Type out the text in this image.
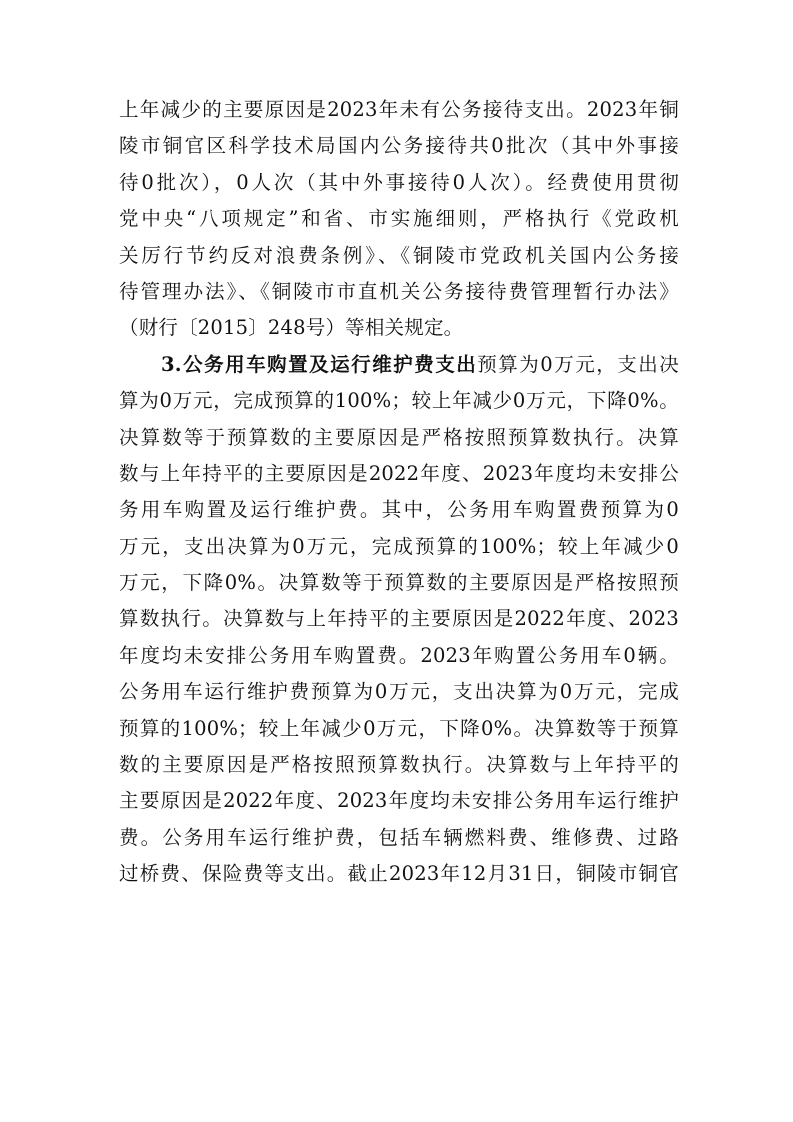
上年减少的主要原因是2023年未有公务接待支出。2023年铜
陵市铜官区科学技术局国内公务接待共0批次（其中外事接
待0批次），0人次（其中外事接待0人次）。经费使用贯彻
党中央“八项规定”和省、市实施细则，严格执行《党政机
关厉行节约反对浪费条例》、《铜陵市党政机关国内公务接
待管理办法》、《铜陵市市直机关公务接待费管理暂行办法》
（财行〔2015〕248号）等相关规定。
3.公务用车购置及运行维护费支出预算为0万元，支出决
算为0万元，完成预算的100%；较上年减少0万元，下降0%。
决算数等于预算数的主要原因是严格按照预算数执行。决算
数与上年持平的主要原因是2022年度、2023年度均未安排公
务用车购置及运行维护费。其中，公务用车购置费预算为0
万元，支出决算为0万元，完成预算的100%；较上年减少0
万元，下降0%。决算数等于预算数的主要原因是严格按照预
算数执行。决算数与上年持平的主要原因是2022年度、2023
年度均未安排公务用车购置费。2023年购置公务用车0辆。
公务用车运行维护费预算为0万元，支出决算为0万元，完成
预算的100%；较上年减少0万元，下降0%。决算数等于预算
数的主要原因是严格按照预算数执行。决算数与上年持平的
主要原因是2022年度、2023年度均未安排公务用车运行维护
费。公务用车运行维护费，包括车辆燃料费、维修费、过路
过桥费、保险费等支出。截止2023年12月31日，铜陵市铜官
